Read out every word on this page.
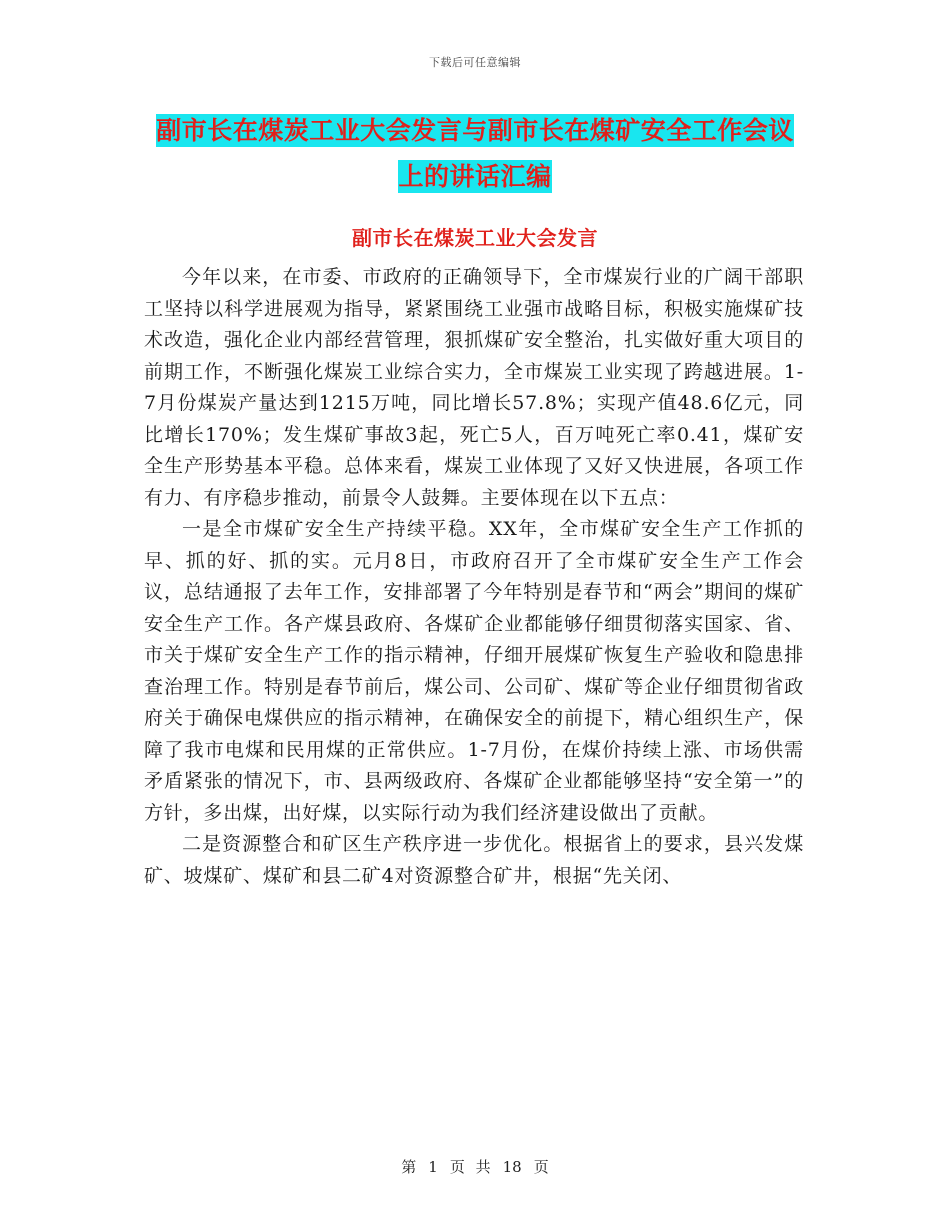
下载后可任意编辑
副市长在煤炭工业大会发言与副市长在煤矿安全工作会议上的讲话汇编
副市长在煤炭工业大会发言

今年以来，在市委、市政府的正确领导下，全市煤炭行业的广阔干部职工坚持以科学进展观为指导，紧紧围绕工业强市战略目标，积极实施煤矿技术改造，强化企业内部经营管理，狠抓煤矿安全整治，扎实做好重大项目的前期工作，不断强化煤炭工业综合实力，全市煤炭工业实现了跨越进展。1-7月份煤炭产量达到1215万吨，同比增长57.8%；实现产值48.6亿元，同比增长170%；发生煤矿事故3起，死亡5人，百万吨死亡率0.41，煤矿安全生产形势基本平稳。总体来看，煤炭工业体现了又好又快进展，各项工作有力、有序稳步推动，前景令人鼓舞。主要体现在以下五点：

一是全市煤矿安全生产持续平稳。XX年，全市煤矿安全生产工作抓的早、抓的好、抓的实。元月8日，市政府召开了全市煤矿安全生产工作会议，总结通报了去年工作，安排部署了今年特别是春节和“两会”期间的煤矿安全生产工作。各产煤县政府、各煤矿企业都能够仔细贯彻落实国家、省、市关于煤矿安全生产工作的指示精神，仔细开展煤矿恢复生产验收和隐患排查治理工作。特别是春节前后，煤公司、公司矿、煤矿等企业仔细贯彻省政府关于确保电煤供应的指示精神，在确保安全的前提下，精心组织生产，保障了我市电煤和民用煤的正常供应。1-7月份，在煤价持续上涨、市场供需矛盾紧张的情况下，市、县两级政府、各煤矿企业都能够坚持“安全第一”的方针，多出煤，出好煤，以实际行动为我们经济建设做出了贡献。

二是资源整合和矿区生产秩序进一步优化。根据省上的要求，县兴发煤矿、坡煤矿、煤矿和县二矿4对资源整合矿井，根据“先关闭、

第 1 页 共 18 页
